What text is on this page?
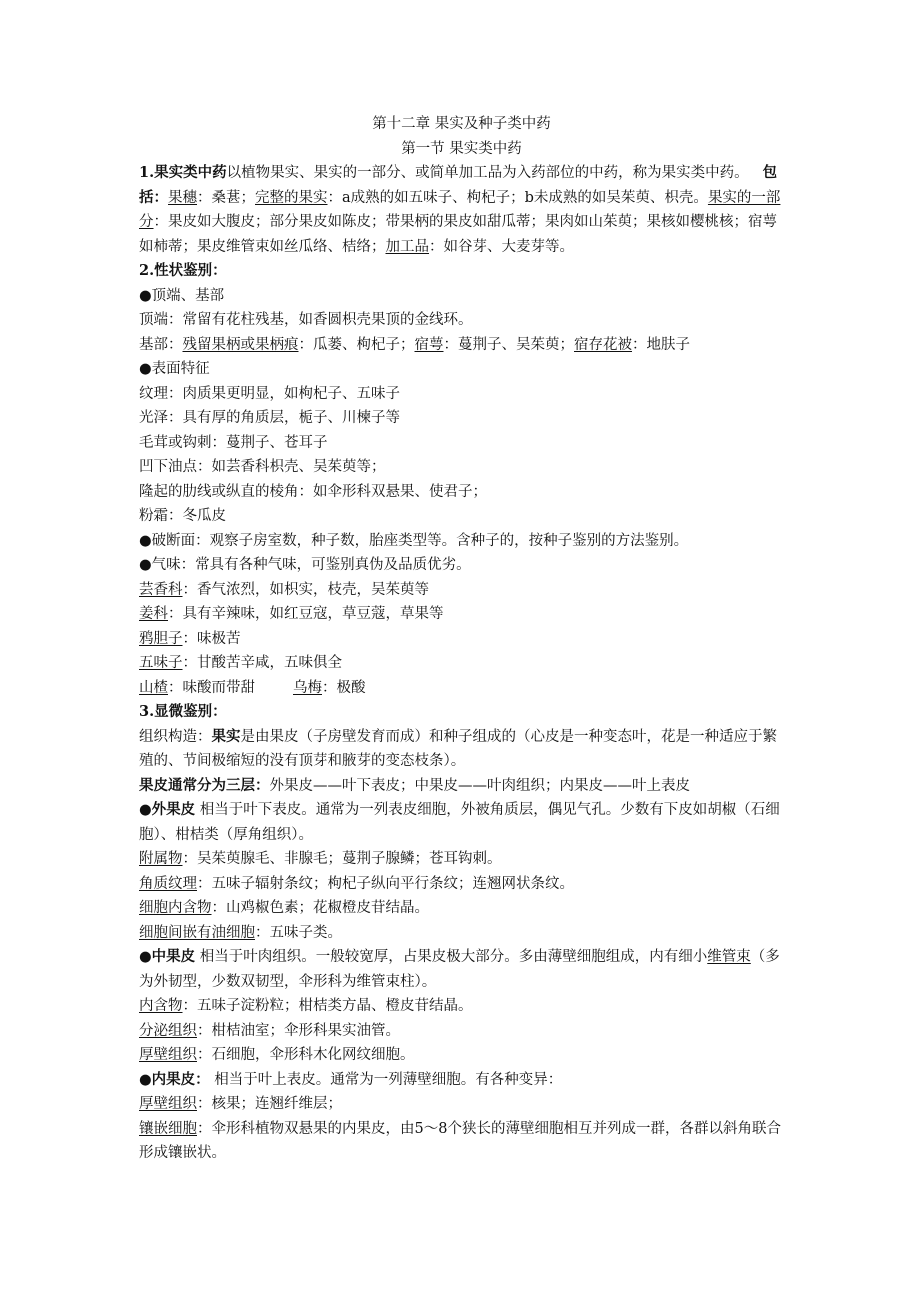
第十二章 果实及种子类中药

第一节 果实类中药

1.果实类中药以植物果实、果实的一部分、或简单加工品为入药部位的中药，称为果实类中药。 包括：果穗：桑葚；完整的果实：a成熟的如五味子、枸杞子；b未成熟的如吴茱萸、枳壳。果实的一部分：果皮如大腹皮；部分果皮如陈皮；带果柄的果皮如甜瓜蒂；果肉如山茱萸；果核如樱桃核；宿萼如柿蒂；果皮维管束如丝瓜络、桔络；加工品：如谷芽、大麦芽等。

2.性状鉴别：

●顶端、基部

顶端：常留有花柱残基，如香圆枳壳果顶的金线环。

基部：残留果柄或果柄痕：瓜蒌、枸杞子；宿萼：蔓荆子、吴茱萸；宿存花被：地肤子

●表面特征

纹理：肉质果更明显，如枸杞子、五味子

光泽：具有厚的角质层，栀子、川楝子等

毛茸或钩刺：蔓荆子、苍耳子

凹下油点：如芸香科枳壳、吴茱萸等；

隆起的肋线或纵直的棱角：如伞形科双悬果、使君子；

粉霜：冬瓜皮

●破断面：观察子房室数，种子数，胎座类型等。含种子的，按种子鉴别的方法鉴别。

●气味：常具有各种气味，可鉴别真伪及品质优劣。

芸香科：香气浓烈，如枳实，枝壳，吴茱萸等

姜科：具有辛辣味，如红豆寇，草豆蔻，草果等

鸦胆子：味极苦

五味子：甘酸苦辛咸，五味俱全

山楂：味酸而带甜	乌梅：极酸

3.显微鉴别：

组织构造：果实是由果皮（子房壁发育而成）和种子组成的（心皮是一种变态叶，花是一种适应于繁殖的、节间极缩短的没有顶芽和腋芽的变态枝条）。

果皮通常分为三层：外果皮——叶下表皮；中果皮——叶肉组织；内果皮——叶上表皮

●外果皮 相当于叶下表皮。通常为一列表皮细胞，外被角质层，偶见气孔。少数有下皮如胡椒（石细胞）、柑桔类（厚角组织）。

附属物：吴茱萸腺毛、非腺毛；蔓荆子腺鳞；苍耳钩刺。

角质纹理：五味子辐射条纹；枸杞子纵向平行条纹；连翘网状条纹。

细胞内含物：山鸡椒色素；花椒橙皮苷结晶。

细胞间嵌有油细胞：五味子类。

●中果皮 相当于叶肉组织。一般较宽厚，占果皮极大部分。多由薄壁细胞组成，内有细小维管束（多为外韧型，少数双韧型，伞形科为维管束柱）。

内含物：五味子淀粉粒；柑桔类方晶、橙皮苷结晶。

分泌组织：柑桔油室；伞形科果实油管。

厚壁组织：石细胞，伞形科木化网纹细胞。

●内果皮： 相当于叶上表皮。通常为一列薄壁细胞。有各种变异：

厚壁组织：核果；连翘纤维层；

镶嵌细胞：伞形科植物双悬果的内果皮，由5～8个狭长的薄壁细胞相互并列成一群，各群以斜角联合形成镶嵌状。
